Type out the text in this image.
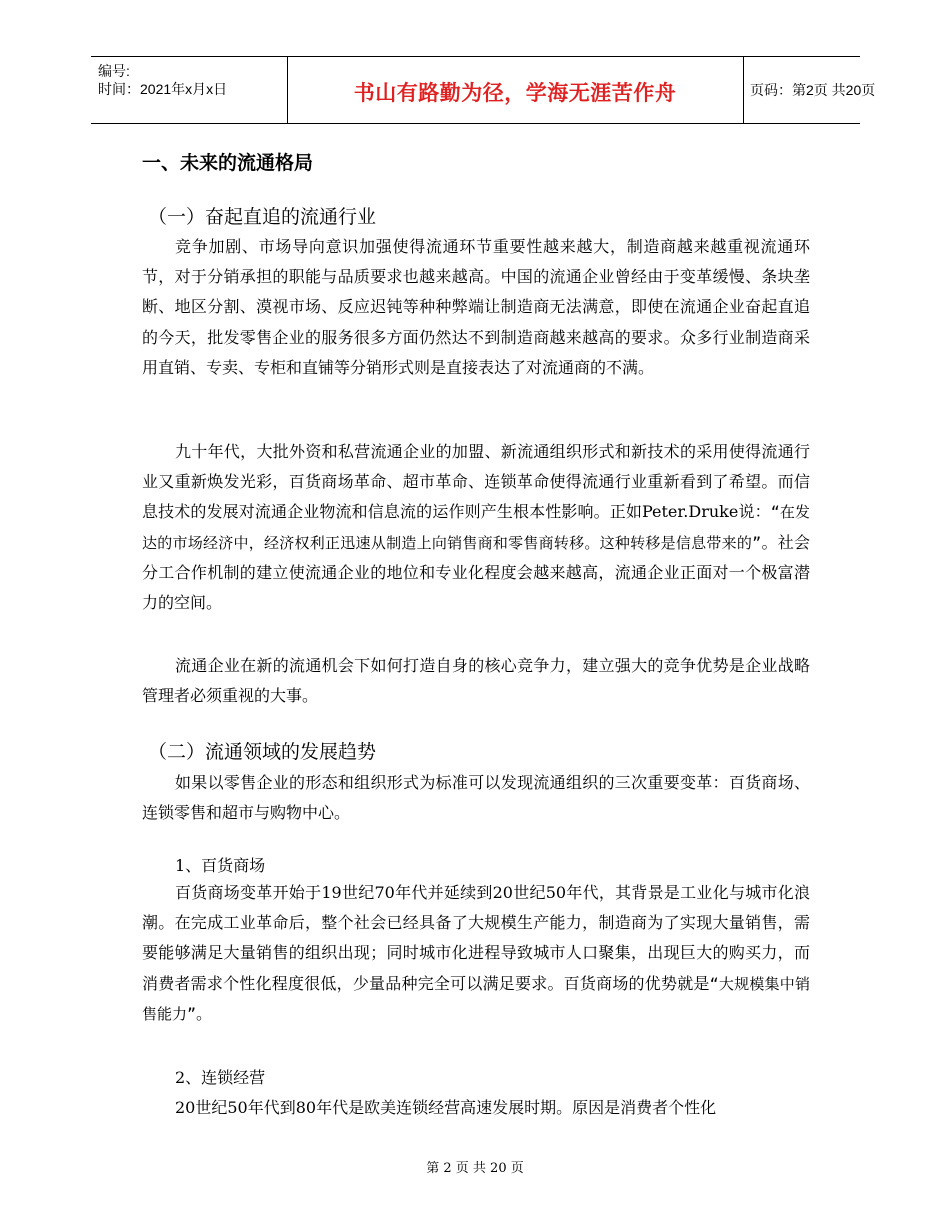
编号:
时间：2021年x月x日	书山有路勤为径，学海无涯苦作舟	页码：第2页 共20页
一、未来的流通格局
（一）奋起直追的流通行业
竞争加剧、市场导向意识加强使得流通环节重要性越来越大，制造商越来越重视流通环节，对于分销承担的职能与品质要求也越来越高。中国的流通企业曾经由于变革缓慢、条块垄断、地区分割、漠视市场、反应迟钝等种种弊端让制造商无法满意，即使在流通企业奋起直追的今天，批发零售企业的服务很多方面仍然达不到制造商越来越高的要求。众多行业制造商采用直销、专卖、专柜和直铺等分销形式则是直接表达了对流通商的不满。
九十年代，大批外资和私营流通企业的加盟、新流通组织形式和新技术的采用使得流通行业又重新焕发光彩，百货商场革命、超市革命、连锁革命使得流通行业重新看到了希望。而信息技术的发展对流通企业物流和信息流的运作则产生根本性影响。正如Peter.Druke说：“在发达的市场经济中，经济权利正迅速从制造上向销售商和零售商转移。这种转移是信息带来的”。社会分工合作机制的建立使流通企业的地位和专业化程度会越来越高，流通企业正面对一个极富潜力的空间。
流通企业在新的流通机会下如何打造自身的核心竞争力，建立强大的竞争优势是企业战略管理者必须重视的大事。
（二）流通领域的发展趋势
如果以零售企业的形态和组织形式为标准可以发现流通组织的三次重要变革：百货商场、连锁零售和超市与购物中心。
1、百货商场
百货商场变革开始于19世纪70年代并延续到20世纪50年代，其背景是工业化与城市化浪潮。在完成工业革命后，整个社会已经具备了大规模生产能力，制造商为了实现大量销售，需要能够满足大量销售的组织出现；同时城市化进程导致城市人口聚集，出现巨大的购买力，而消费者需求个性化程度很低，少量品种完全可以满足要求。百货商场的优势就是“大规模集中销售能力”。
2、连锁经营
20世纪50年代到80年代是欧美连锁经营高速发展时期。原因是消费者个性化
第 2 页 共 20 页
